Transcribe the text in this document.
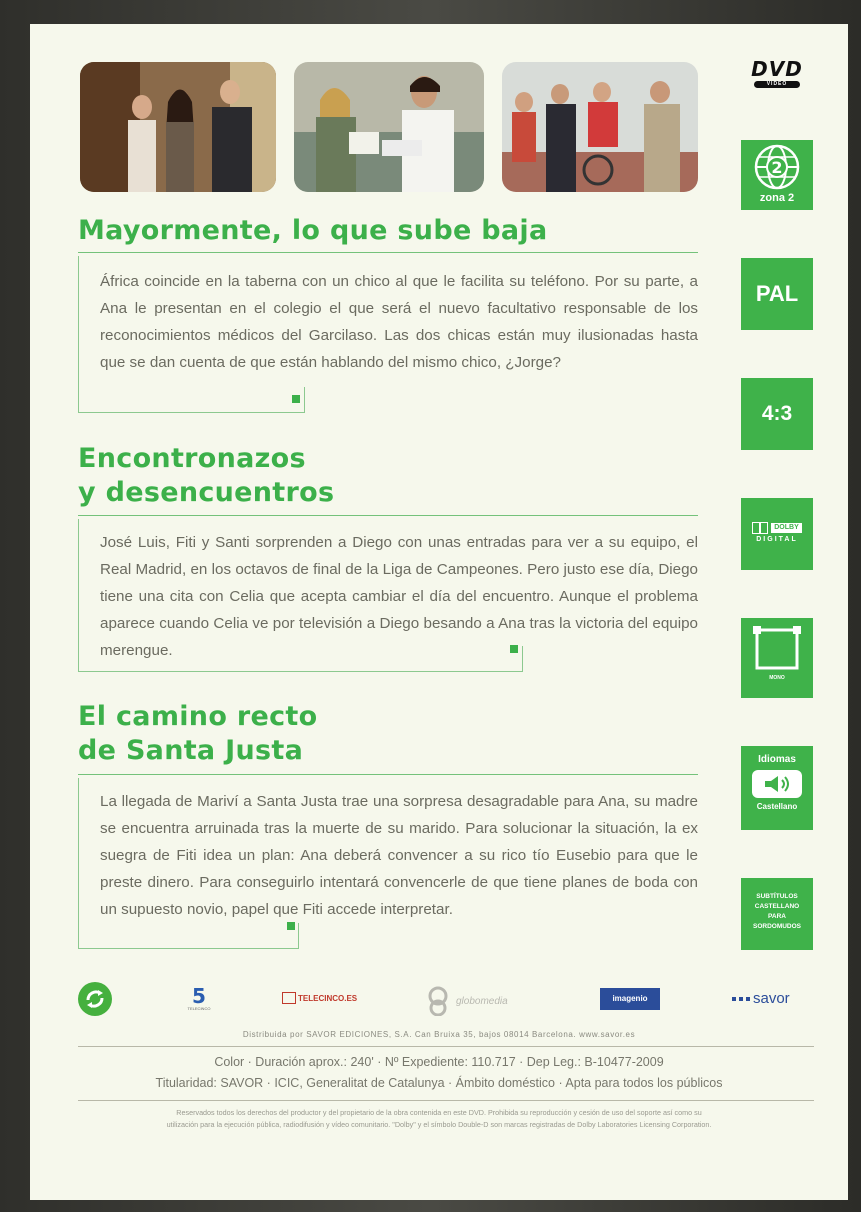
Mayormente, lo que sube baja

África coincide en la taberna con un chico al que le facilita su teléfono. Por su parte, a Ana le presentan en el colegio el que será el nuevo facultativo responsable de los reconocimientos médicos del Garcilaso. Las dos chicas están muy ilusionadas hasta que se dan cuenta de que están hablando del mismo chico, ¿Jorge?

Encontronazos
y desencuentros

José Luis, Fiti y Santi sorprenden a Diego con unas entradas para ver a su equipo, el Real Madrid, en los octavos de final de la Liga de Campeones. Pero justo ese día, Diego tiene una cita con Celia que acepta cambiar el día del encuentro. Aunque el problema aparece cuando Celia ve por televisión a Diego besando a Ana tras la victoria del equipo merengue.

El camino recto
de Santa Justa

La llegada de Mariví a Santa Justa trae una sorpresa desagradable para Ana, su madre se encuentra arruinada tras la muerte de su marido. Para solucionar la situación, la ex suegra de Fiti idea un plan: Ana deberá convencer a su rico tío Eusebio para que le preste dinero. Para conseguirlo intentará convencerle de que tiene planes de boda con un supuesto novio, papel que Fiti accede interpretar.

DVD
VIDEO
2
zona 2
PAL
4:3
DOLBY
DIGITAL
MONO
Idiomas
Castellano
SUBTÍTULOS
CASTELLANO
PARA
SORDOMUDOS
5
TELECINCO
TELECINCO.ES	globomedia	imagenio	savor
Distribuida por SAVOR EDICIONES, S.A. Can Bruixa 35, bajos 08014 Barcelona. www.savor.es
Color · Duración aprox.: 240' · Nº Expediente: 110.717 · Dep Leg.: B-10477-2009
Titularidad: SAVOR · ICIC, Generalitat de Catalunya · Ámbito doméstico · Apta para todos los públicos
Reservados todos los derechos del productor y del propietario de la obra contenida en este DVD. Prohibida su reproducción y cesión de uso del soporte así como su
utilización para la ejecución pública, radiodifusión y vídeo comunitario. "Dolby" y el símbolo Double-D son marcas registradas de Dolby Laboratories Licensing Corporation.
